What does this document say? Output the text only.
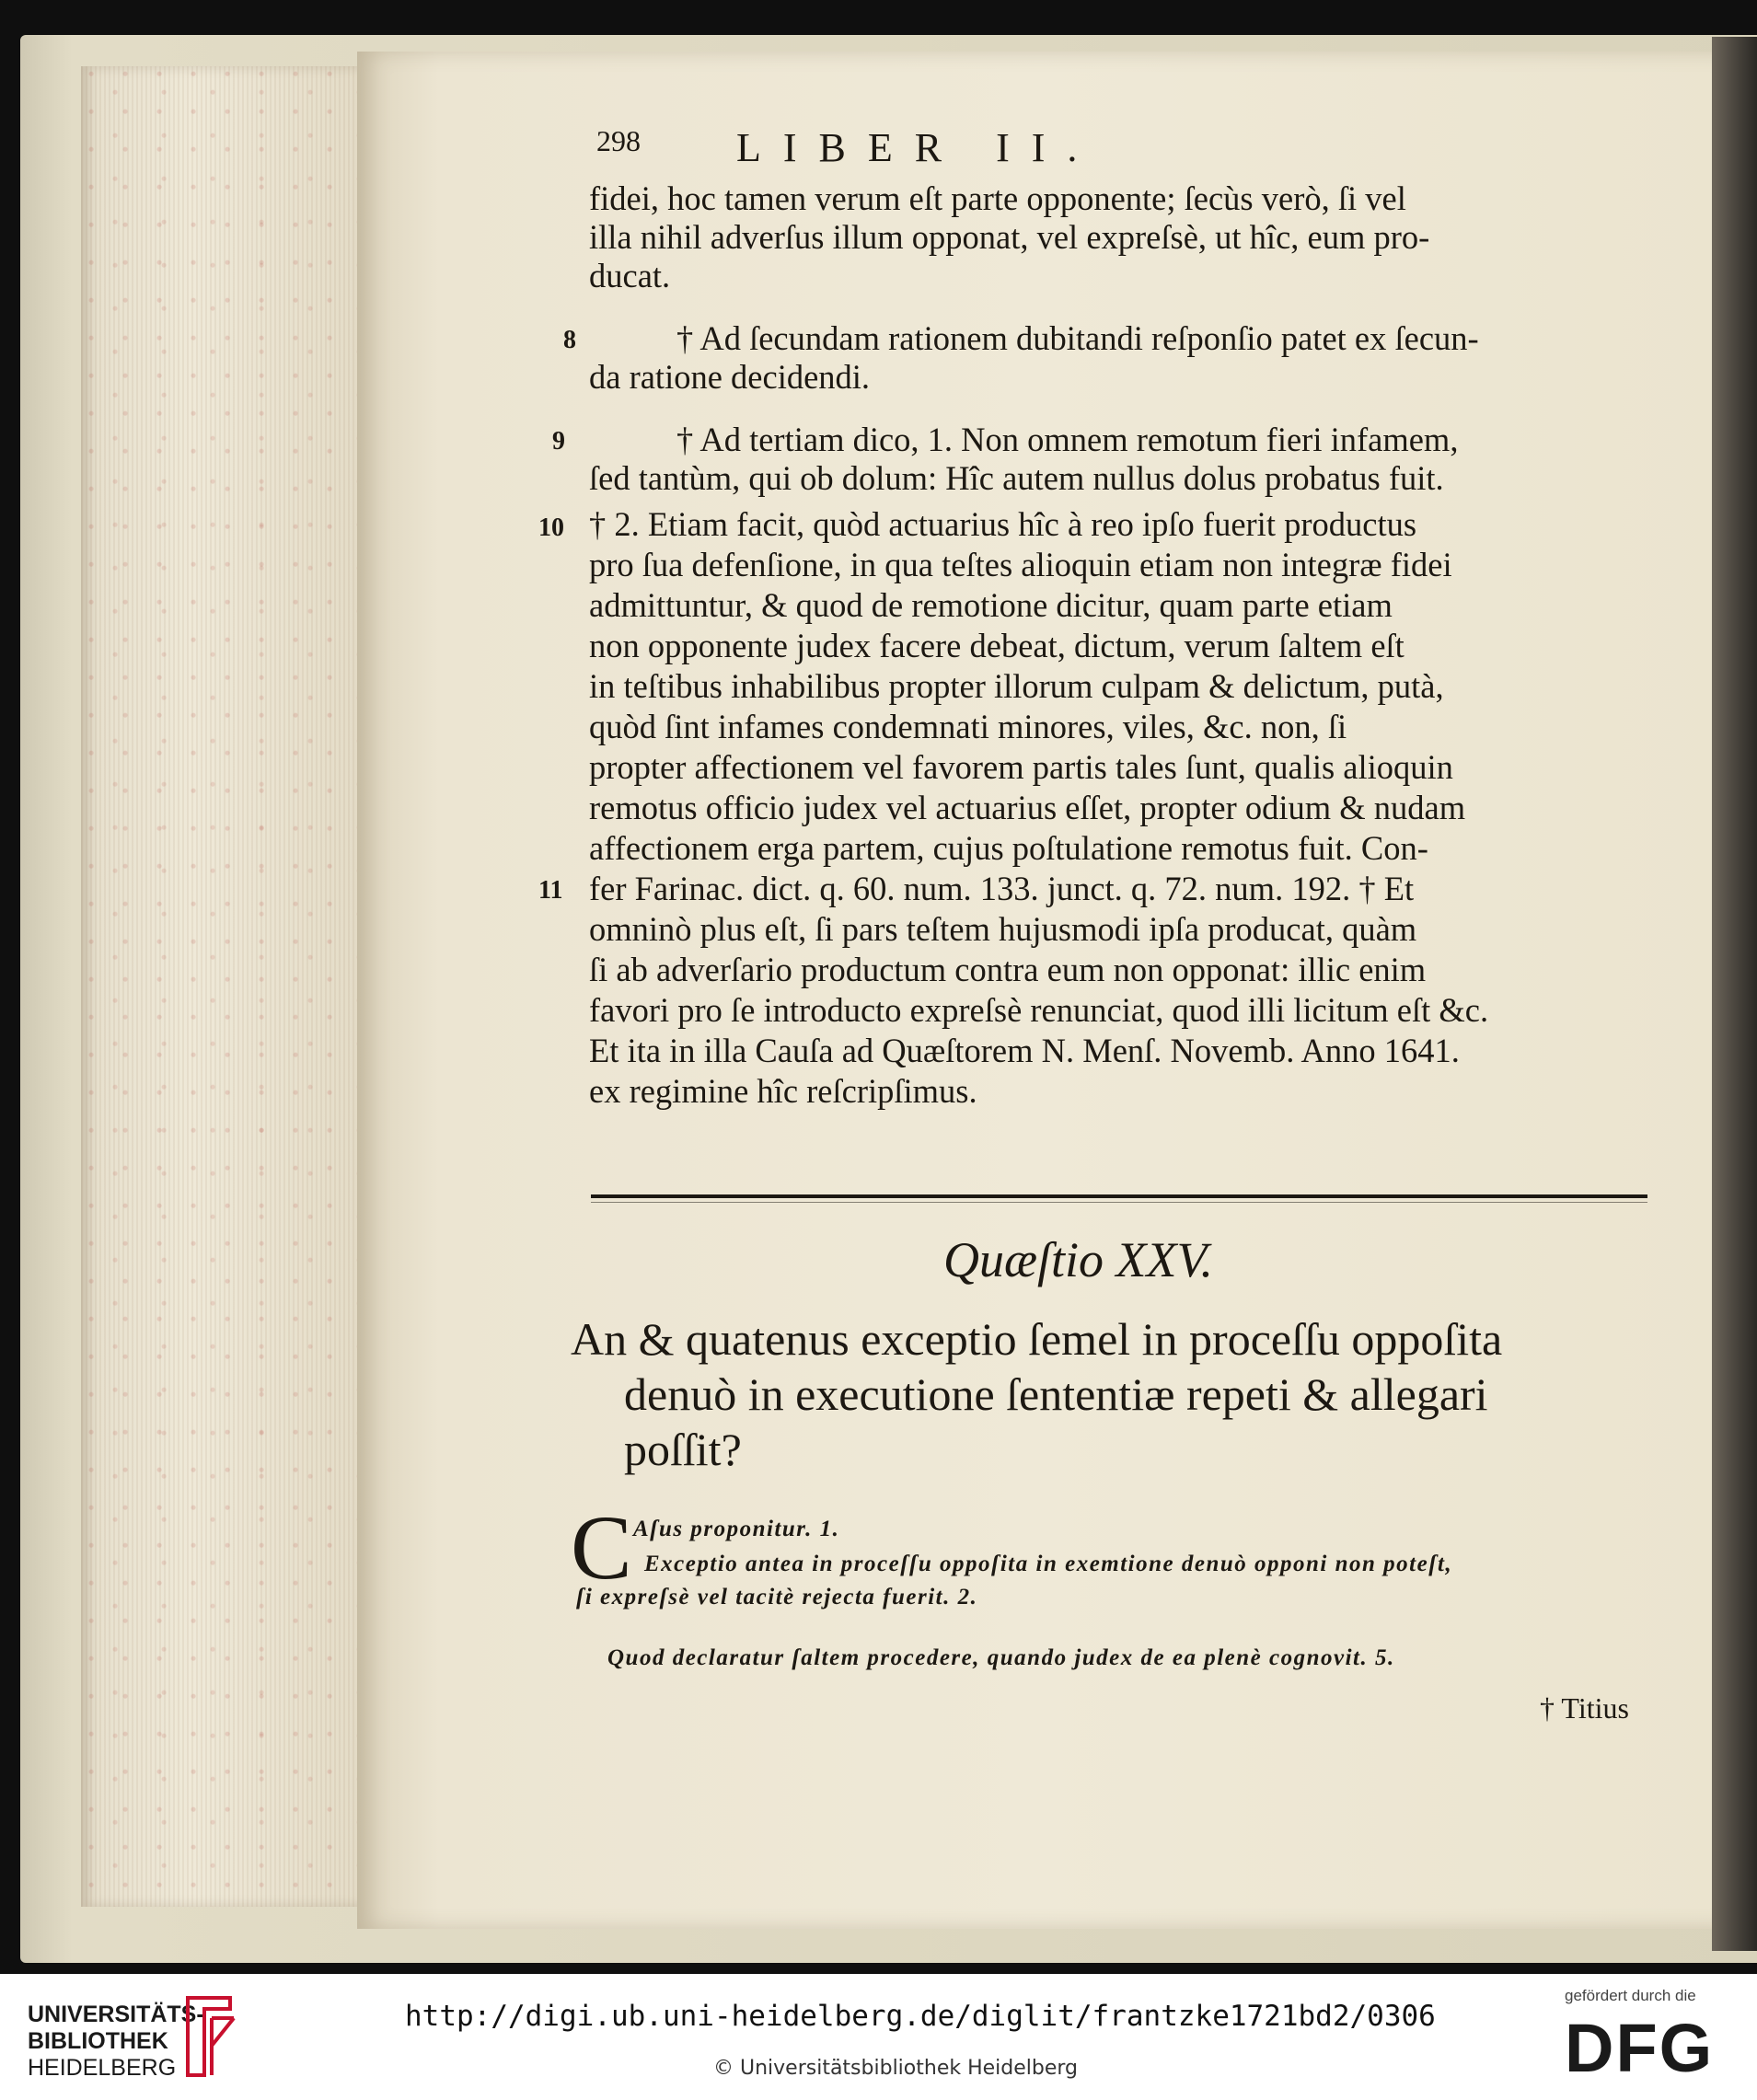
298 LIBER II.
fidei, hoc tamen verum eſt parte opponente; ſecùs verò, ſi vel
illa nihil adverſus illum opponat, vel expreſsè, ut hîc, eum pro-
ducat.
† Ad ſecundam rationem dubitandi reſponſio patet ex ſecun-
da ratione decidendi.
† Ad tertiam dico, 1. Non omnem remotum fieri infamem,
ſed tantùm, qui ob dolum: Hîc autem nullus dolus probatus fuit.
† 2. Etiam facit, quòd actuarius hîc à reo ipſo fuerit productus
pro ſua defenſione, in qua teſtes alioquin etiam non integræ fidei
admittuntur, & quod de remotione dicitur, quam parte etiam
non opponente judex facere debeat, dictum, verum ſaltem eſt
in teſtibus inhabilibus propter illorum culpam & delictum, putà,
quòd ſint infames condemnati minores, viles, &c. non, ſi
propter affectionem vel favorem partis tales ſunt, qualis alioquin
remotus officio judex vel actuarius eſſet, propter odium & nudam
affectionem erga partem, cujus poſtulatione remotus fuit. Con-
fer Farinac. dict. q. 60. num. 133. junct. q. 72. num. 192. † Et
omninò plus eſt, ſi pars teſtem hujusmodi ipſa producat, quàm
ſi ab adverſario productum contra eum non opponat: illic enim
favori pro ſe introducto expreſsè renunciat, quod illi licitum eſt &c.
Et ita in illa Cauſa ad Quæſtorem N. Menſ. Novemb. Anno 1641.
ex regimine hîc reſcripſimus.
8
9
10
11
Quæſtio XXV.
An & quatenus exceptio ſemel in proceſſu oppoſita
denuò in executione ſententiæ repeti & allegari
poſſit?
C Aſus proponitur. 1.
Exceptio antea in proceſſu oppoſita in exemtione denuò opponi non poteſt,
ſi expreſsè vel tacitè rejecta fuerit. 2.
Quod declaratur ſaltem procedere, quando judex de ea plenè cognovit. 5.
† Titius
UNIVERSITÄTS-
BIBLIOTHEK
HEIDELBERG
http://digi.ub.uni-heidelberg.de/diglit/frantzke1721bd2/0306
© Universitätsbibliothek Heidelberg
gefördert durch die
DFG
